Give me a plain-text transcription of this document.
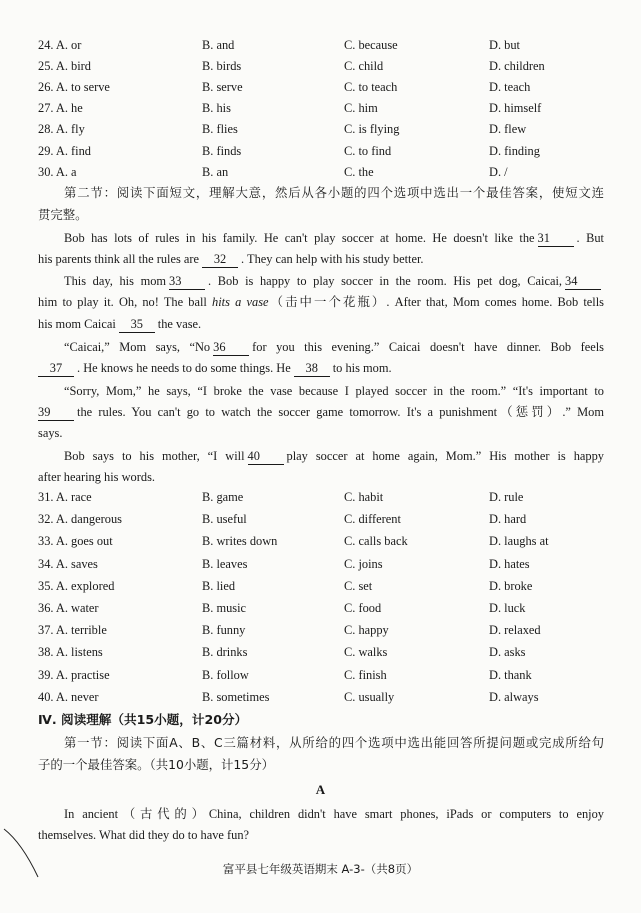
24. A. or	B. and	C. because	D. but
25. A. bird	B. birds	C. child	D. children
26. A. to serve	B. serve	C. to teach	D. teach
27. A. he	B. his	C. him	D. himself
28. A. fly	B. flies	C. is flying	D. flew
29. A. find	B. finds	C. to find	D. finding
30. A. a	B. an	C. the	D. /
第二节：阅读下面短文，理解大意，然后从各小题的四个选项中选出一个最佳答案，使短文连
贯完整。
Bob has lots of rules in his family. He can't play soccer at home. He doesn't like the 31 . But
his parents think all the rules are 32 . They can help with his study better.
This day, his mom 33 . Bob is happy to play soccer in the room. His pet dog, Caicai, 34
him to play it. Oh, no! The ball hits a vase（击中一个花瓶）. After that, Mom comes home. Bob tells
his mom Caicai 35 the vase.
“Caicai,” Mom says, “No 36 for you this evening.” Caicai doesn't have dinner. Bob feels
37 . He knows he needs to do some things. He 38 to his mom.
“Sorry, Mom,” he says, “I broke the vase because I played soccer in the room.” “It's important to
39 the rules. You can't go to watch the soccer game tomorrow. It's a punishment（惩罚）.” Mom
says.
Bob says to his mother, “I will 40 play soccer at home again, Mom.” His mother is happy
after hearing his words.
31. A. race	B. game	C. habit	D. rule
32. A. dangerous	B. useful	C. different	D. hard
33. A. goes out	B. writes down	C. calls back	D. laughs at
34. A. saves	B. leaves	C. joins	D. hates
35. A. explored	B. lied	C. set	D. broke
36. A. water	B. music	C. food	D. luck
37. A. terrible	B. funny	C. happy	D. relaxed
38. A. listens	B. drinks	C. walks	D. asks
39. A. practise	B. follow	C. finish	D. thank
40. A. never	B. sometimes	C. usually	D. always
Ⅳ. 阅读理解（共15小题，计20分）
第一节：阅读下面A、B、C三篇材料，从所给的四个选项中选出能回答所提问题或完成所给句
子的一个最佳答案。（共10小题，计15分）
A
In ancient（古代的）China, children didn't have smart phones, iPads or computers to enjoy
themselves. What did they do to have fun?
富平县七年级英语期末 A-3-（共8页）
